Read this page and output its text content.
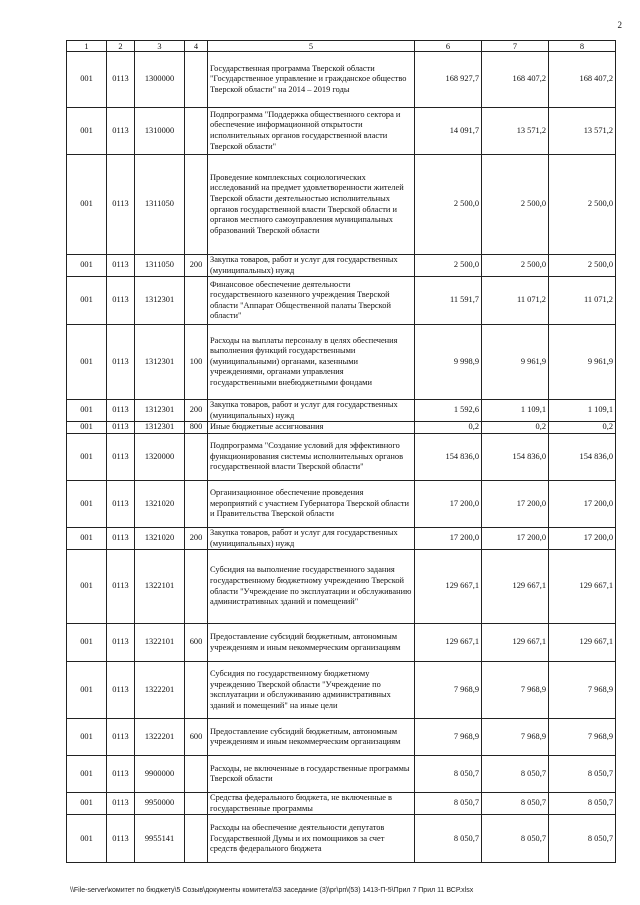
2
1	2	3	4	5	6	7	8
001	0113	1300000		Государственная программа Тверской области "Государственное управление и гражданское общество Тверской области" на 2014 – 2019 годы	168 927,7	168 407,2	168 407,2
001	0113	1310000		Подпрограмма "Поддержка общественного сектора и обеспечение информационной открытости исполнительных органов государственной власти Тверской области"	14 091,7	13 571,2	13 571,2
001	0113	1311050		Проведение комплексных социологических исследований на предмет удовлетворенности жителей Тверской области деятельностью исполнительных органов государственной власти Тверской области и органов местного самоуправления муниципальных образований Тверской области	2 500,0	2 500,0	2 500,0
001	0113	1311050	200	Закупка товаров, работ и услуг для государственных (муниципальных) нужд	2 500,0	2 500,0	2 500,0
001	0113	1312301		Финансовое обеспечение деятельности государственного казенного учреждения Тверской области "Аппарат Общественной палаты Тверской области"	11 591,7	11 071,2	11 071,2
001	0113	1312301	100	Расходы на выплаты персоналу в целях обеспечения выполнения функций государственными (муниципальными) органами, казенными учреждениями, органами управления государственными внебюджетными фондами	9 998,9	9 961,9	9 961,9
001	0113	1312301	200	Закупка товаров, работ и услуг для государственных (муниципальных) нужд	1 592,6	1 109,1	1 109,1
001	0113	1312301	800	Иные бюджетные ассигнования	0,2	0,2	0,2
001	0113	1320000		Подпрограмма "Создание условий для эффективного функционирования системы исполнительных органов государственной власти Тверской области"	154 836,0	154 836,0	154 836,0
001	0113	1321020		Организационное обеспечение проведения мероприятий с участием Губернатора Тверской области и Правительства Тверской области	17 200,0	17 200,0	17 200,0
001	0113	1321020	200	Закупка товаров, работ и услуг для государственных (муниципальных) нужд	17 200,0	17 200,0	17 200,0
001	0113	1322101		Субсидия на выполнение государственного задания государственному бюджетному учреждению Тверской области "Учреждение по эксплуатации и обслуживанию административных зданий и помещений"	129 667,1	129 667,1	129 667,1
001	0113	1322101	600	Предоставление субсидий бюджетным, автономным учреждениям и иным некоммерческим организациям	129 667,1	129 667,1	129 667,1
001	0113	1322201		Субсидия по государственному бюджетному учреждению Тверской области "Учреждение по эксплуатации и обслуживанию административных зданий и помещений" на иные цели	7 968,9	7 968,9	7 968,9
001	0113	1322201	600	Предоставление субсидий бюджетным, автономным учреждениям и иным некоммерческим организациям	7 968,9	7 968,9	7 968,9
001	0113	9900000		Расходы, не включенные в государственные программы Тверской области	8 050,7	8 050,7	8 050,7
001	0113	9950000		Средства федерального бюджета, не включенные в государственные программы	8 050,7	8 050,7	8 050,7
001	0113	9955141		Расходы на обеспечение деятельности депутатов Государственной Думы и их помощников за счет средств федерального бюджета	8 050,7	8 050,7	8 050,7
\\File-server\комитет по бюджету\5 Созыв\документы комитета\53 заседание (3)\рг\рп\(53) 1413-П-5\Прил 7 Прил 11 ВСР.xlsx
